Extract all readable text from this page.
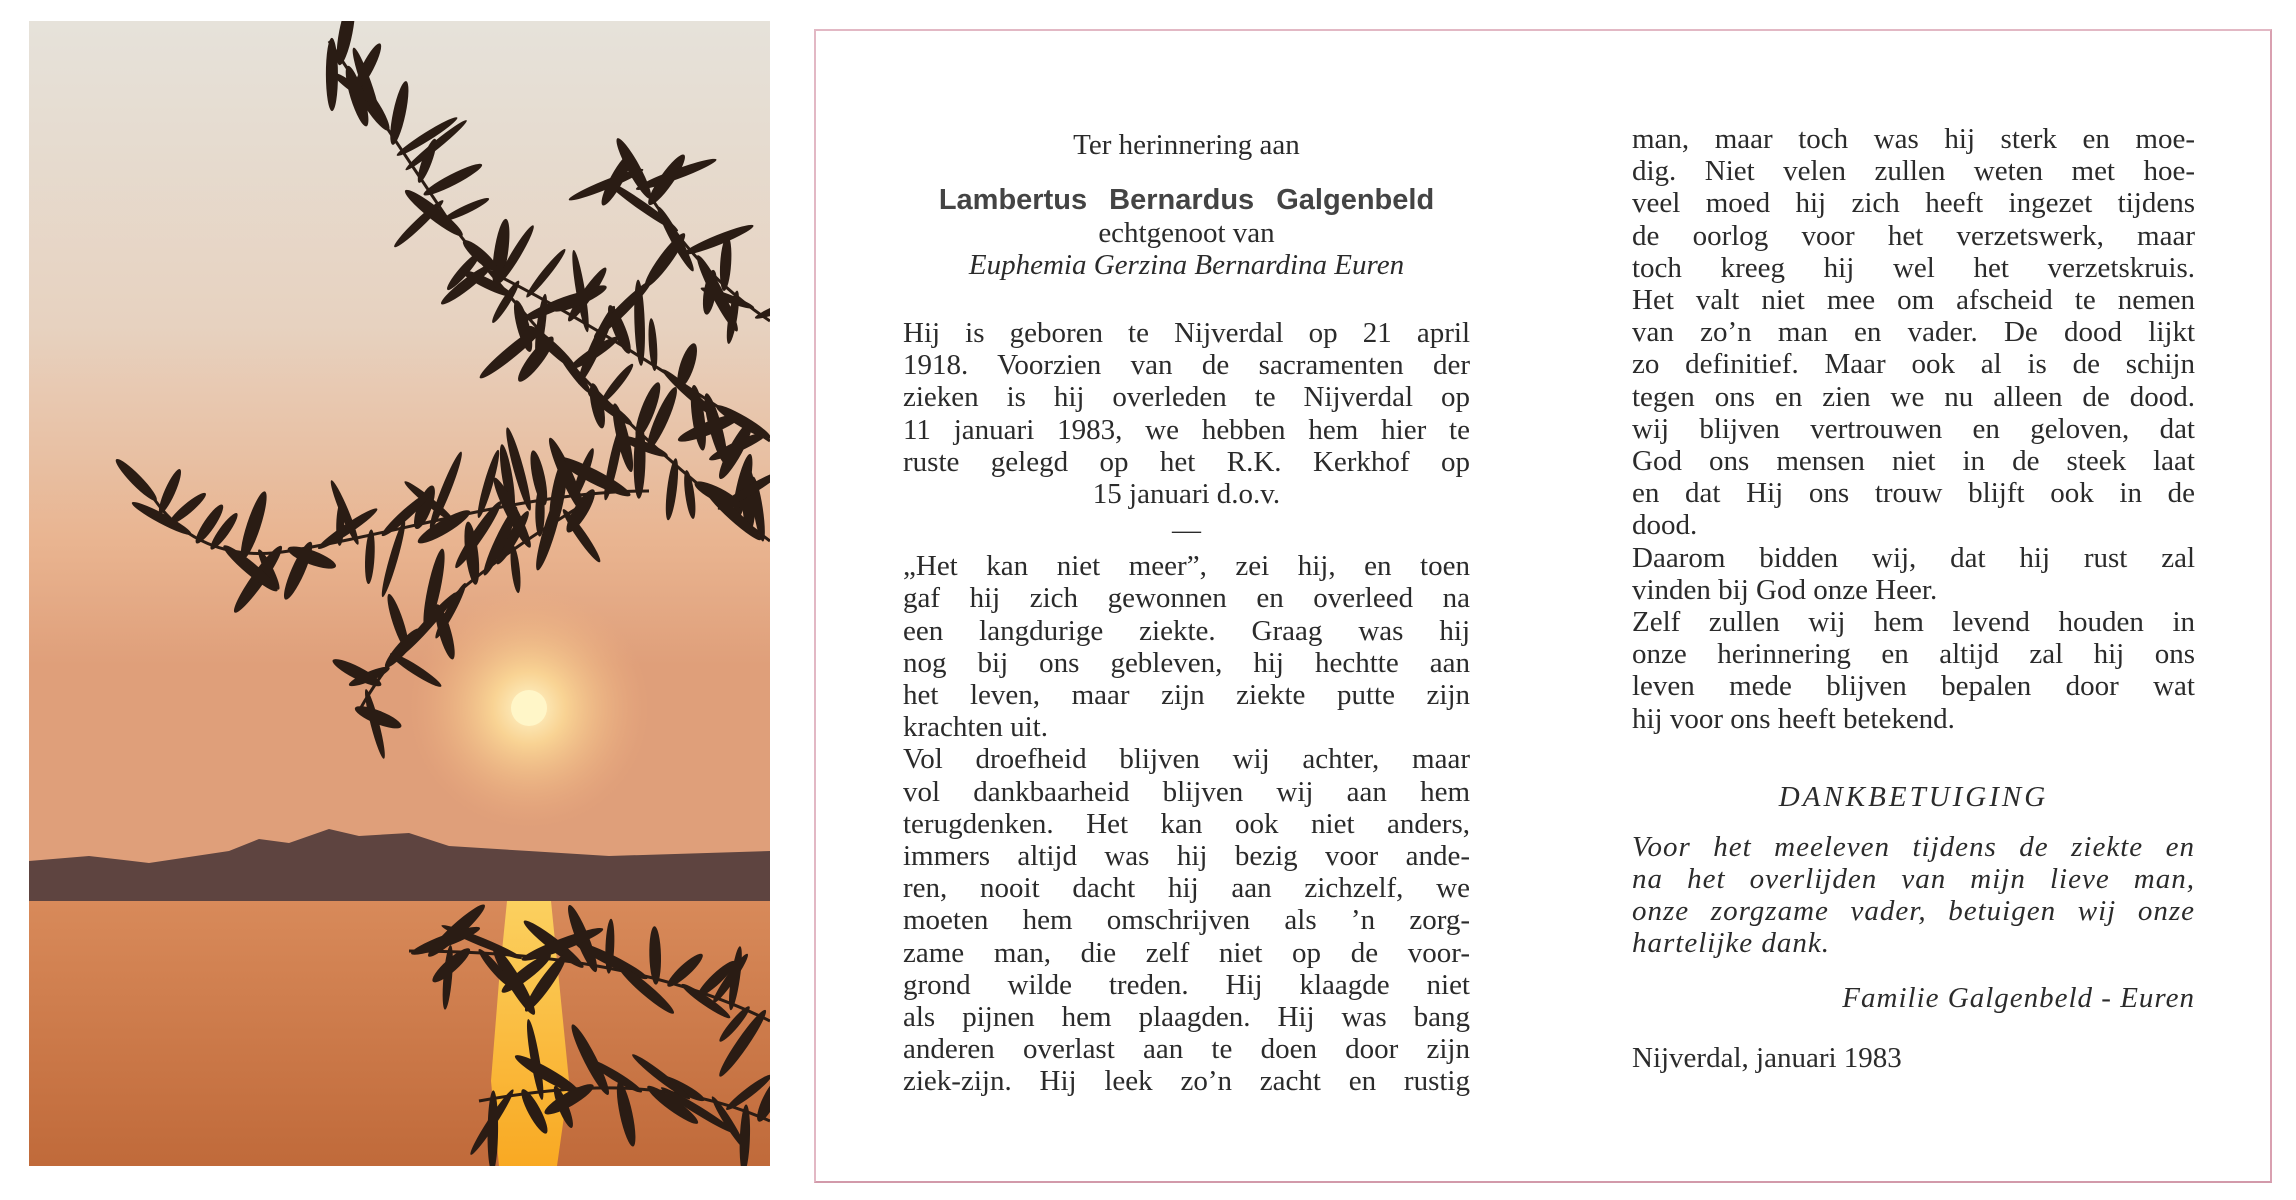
Ter herinnering aan
Lambertus Bernardus Galgenbeld
echtgenoot van
Euphemia Gerzina Bernardina Euren
Hij is geboren te Nijverdal op 21 april
1918. Voorzien van de sacramenten der
zieken is hij overleden te Nijverdal op
11 januari 1983, we hebben hem hier te
ruste gelegd op het R.K. Kerkhof op
15 januari d.o.v.
—
„Het kan niet meer”, zei hij, en toen
gaf hij zich gewonnen en overleed na
een langdurige ziekte. Graag was hij
nog bij ons gebleven, hij hechtte aan
het leven, maar zijn ziekte putte zijn
krachten uit.
Vol droefheid blijven wij achter, maar
vol dankbaarheid blijven wij aan hem
terugdenken. Het kan ook niet anders,
immers altijd was hij bezig voor ande-
ren, nooit dacht hij aan zichzelf, we
moeten hem omschrijven als ’n zorg-
zame man, die zelf niet op de voor-
grond wilde treden. Hij klaagde niet
als pijnen hem plaagden. Hij was bang
anderen overlast aan te doen door zijn
ziek-zijn. Hij leek zo’n zacht en rustig
man, maar toch was hij sterk en moe-
dig. Niet velen zullen weten met hoe-
veel moed hij zich heeft ingezet tijdens
de oorlog voor het verzetswerk, maar
toch kreeg hij wel het verzetskruis.
Het valt niet mee om afscheid te nemen
van zo’n man en vader. De dood lijkt
zo definitief. Maar ook al is de schijn
tegen ons en zien we nu alleen de dood.
wij blijven vertrouwen en geloven, dat
God ons mensen niet in de steek laat
en dat Hij ons trouw blijft ook in de
dood.
Daarom bidden wij, dat hij rust zal
vinden bij God onze Heer.
Zelf zullen wij hem levend houden in
onze herinnering en altijd zal hij ons
leven mede blijven bepalen door wat
hij voor ons heeft betekend.
DANKBETUIGING
Voor het meeleven tijdens de ziekte en
na het overlijden van mijn lieve man,
onze zorgzame vader, betuigen wij onze
hartelijke dank.
Familie Galgenbeld - Euren
Nijverdal, januari 1983
